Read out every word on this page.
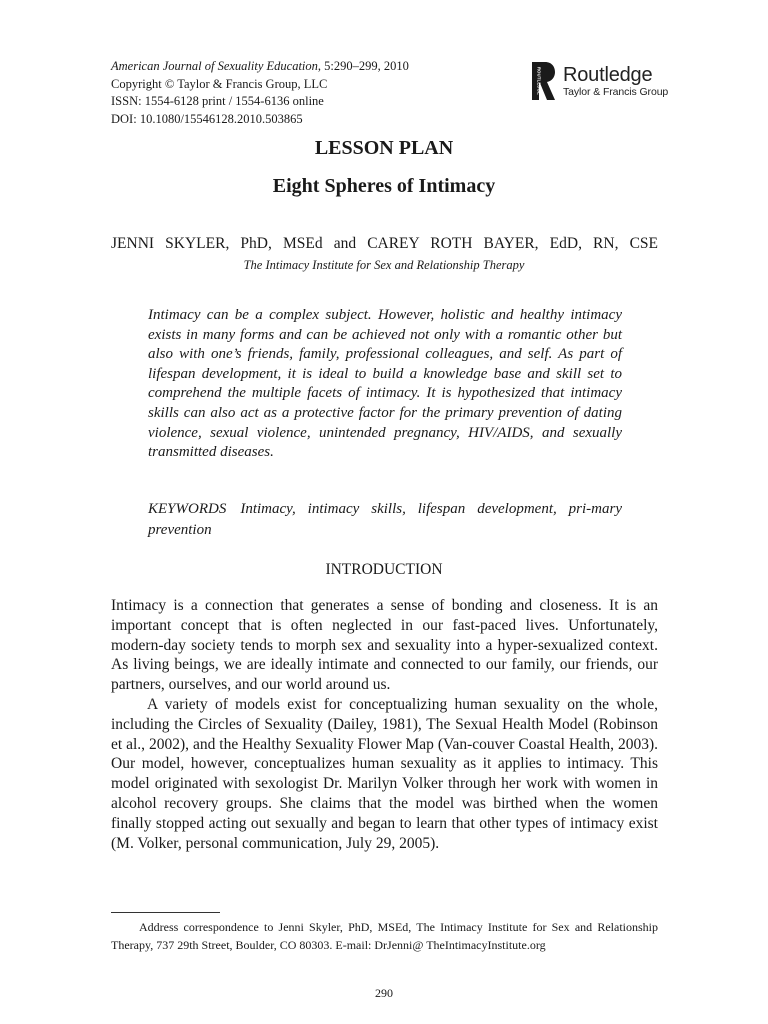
American Journal of Sexuality Education, 5:290–299, 2010
Copyright © Taylor & Francis Group, LLC
ISSN: 1554-6128 print / 1554-6136 online
DOI: 10.1080/15546128.2010.503865
ROUTLEDGE Routledge
Taylor & Francis Group
LESSON PLAN
Eight Spheres of Intimacy
JENNI SKYLER, PhD, MSEd and CAREY ROTH BAYER, EdD, RN, CSE
The Intimacy Institute for Sex and Relationship Therapy

Intimacy can be a complex subject. However, holistic and healthy intimacy exists in many forms and can be achieved not only with a romantic other but also with one’s friends, family, professional colleagues, and self. As part of lifespan development, it is ideal to build a knowledge base and skill set to comprehend the multiple facets of intimacy. It is hypothesized that intimacy skills can also act as a protective factor for the primary prevention of dating violence, sexual violence, unintended pregnancy, HIV/AIDS, and sexually transmitted diseases.

KEYWORDS Intimacy, intimacy skills, lifespan development, pri-mary prevention

INTRODUCTION

Intimacy is a connection that generates a sense of bonding and closeness. It is an important concept that is often neglected in our fast-paced lives. Unfortunately, modern-day society tends to morph sex and sexuality into a hyper-sexualized context. As living beings, we are ideally intimate and connected to our family, our friends, our partners, ourselves, and our world around us.

A variety of models exist for conceptualizing human sexuality on the whole, including the Circles of Sexuality (Dailey, 1981), The Sexual Health Model (Robinson et al., 2002), and the Healthy Sexuality Flower Map (Van-couver Coastal Health, 2003). Our model, however, conceptualizes human sexuality as it applies to intimacy. This model originated with sexologist Dr. Marilyn Volker through her work with women in alcohol recovery groups. She claims that the model was birthed when the women finally stopped acting out sexually and began to learn that other types of intimacy exist (M. Volker, personal communication, July 29, 2005).

Address correspondence to Jenni Skyler, PhD, MSEd, The Intimacy Institute for Sex and Relationship Therapy, 737 29th Street, Boulder, CO 80303. E-mail: DrJenni@ TheIntimacyInstitute.org

290
